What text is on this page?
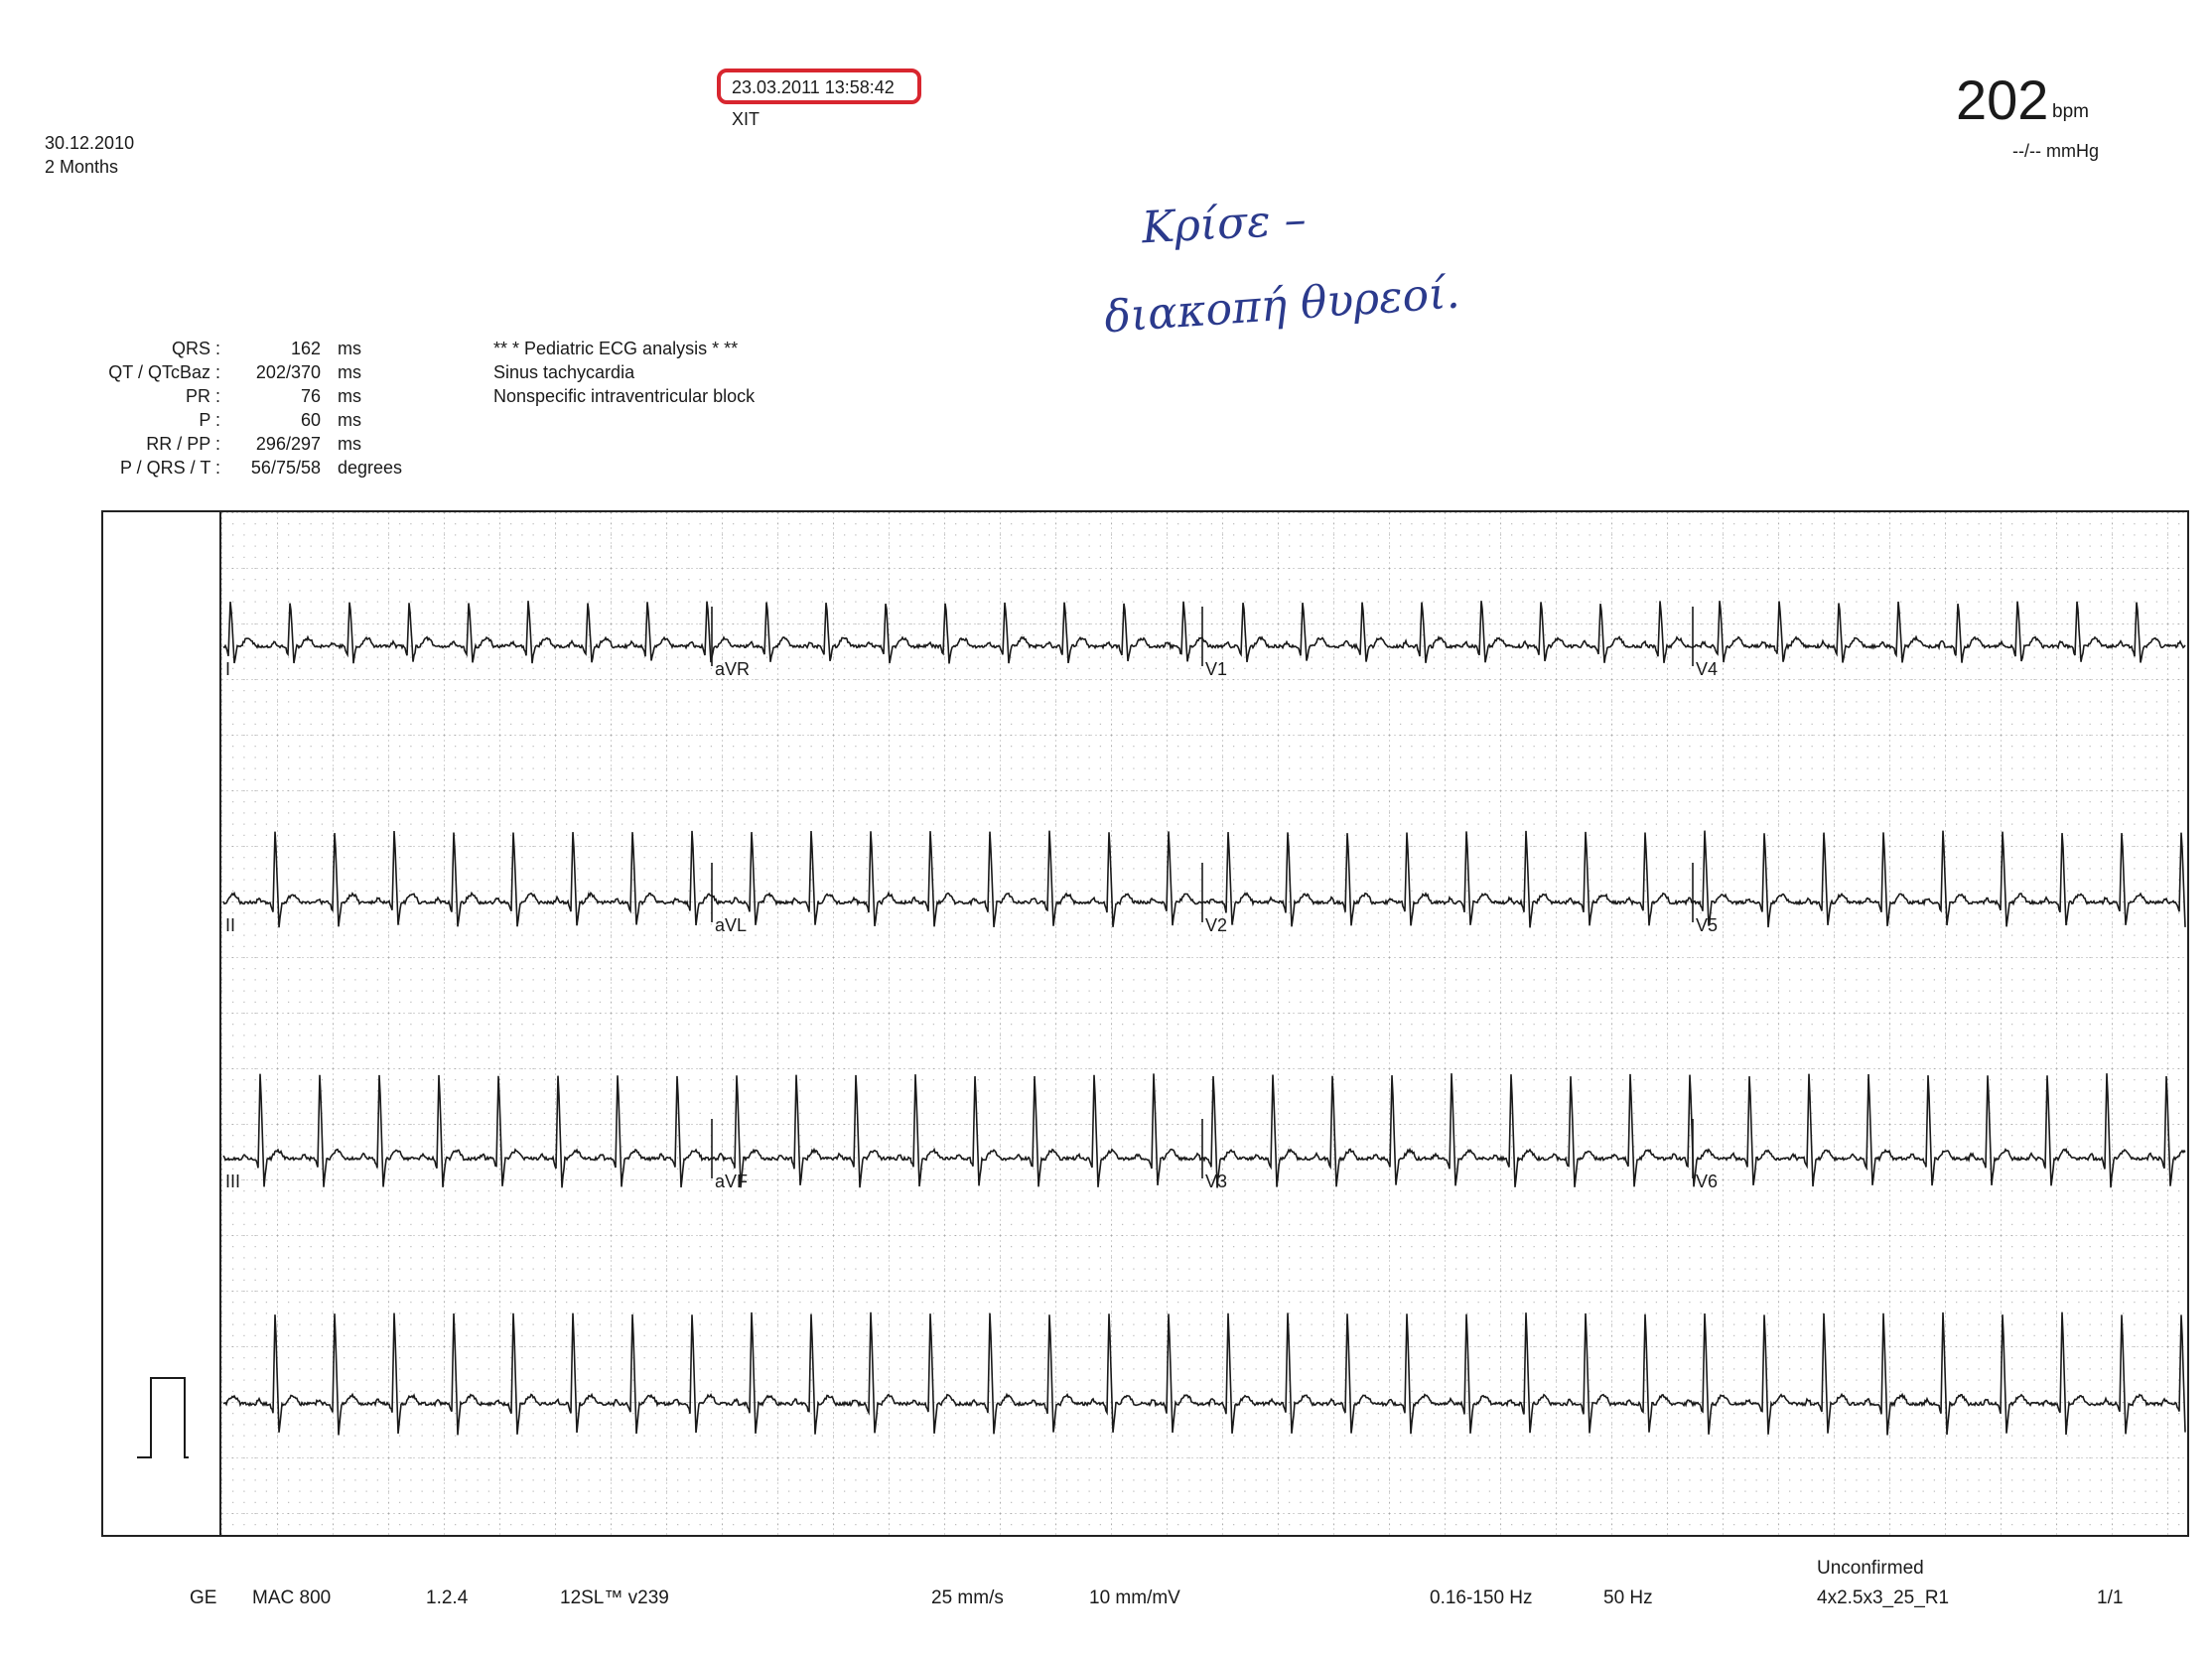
30.12.2010
2 Months
23.03.2011 13:58:42
XIT	202 bpm
--/-- mmHg
Κρίσε –
διακοπή θυρεοί.
QRS :	162 ms
QT / QTcBaz : 202/370 ms
PR :	76 ms
P :	60 ms
RR / PP : 296/297 ms
P / QRS / T : 56/75/58 degrees
** * Pediatric ECG analysis * **
Sinus tachycardia
Nonspecific intraventricular block
I	aVR	V1	V4
II	aVL	V2	V5
III	aVF	V3	V6
GE MAC 800	1.2.4	12SL™ v239	25 mm/s	10 mm/mV	0.16-150 Hz	50 Hz
Unconfirmed
4x2.5x3_25_R1	1/1
